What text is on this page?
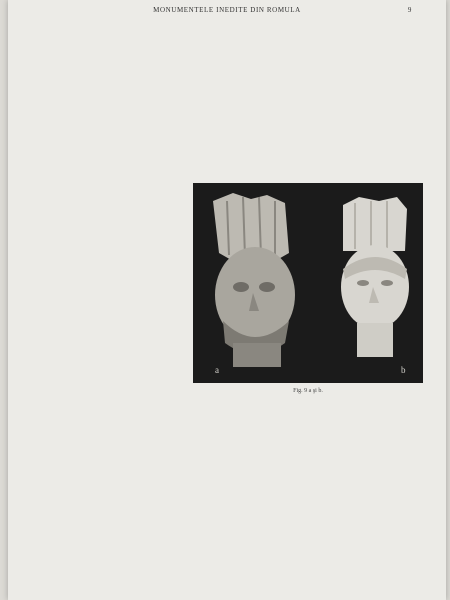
MONUMENTELE INEDITE DIN ROMULA	9

a	b
Fig. 9 a şi b.
